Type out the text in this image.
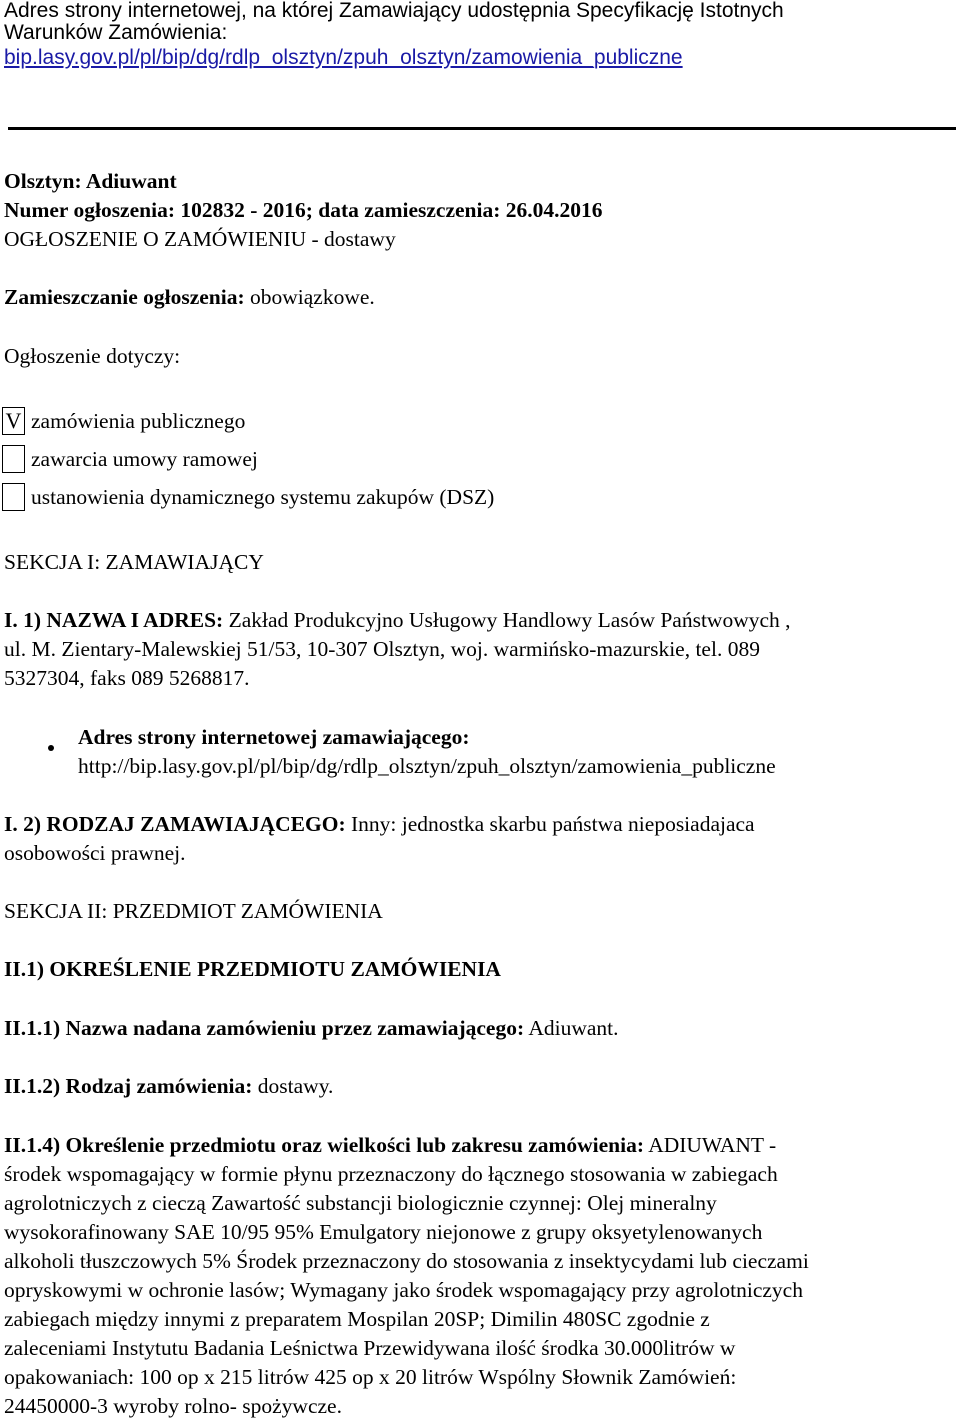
Adres strony internetowej, na której Zamawiający udostępnia Specyfikację Istotnych
Warunków Zamówienia:
bip.lasy.gov.pl/pl/bip/dg/rdlp_olsztyn/zpuh_olsztyn/zamowienia_publiczne
Olsztyn: Adiuwant
Numer ogłoszenia: 102832 - 2016; data zamieszczenia: 26.04.2016
OGŁOSZENIE O ZAMÓWIENIU - dostawy
Zamieszczanie ogłoszenia: obowiązkowe.
Ogłoszenie dotyczy:
V zamówienia publicznego
zawarcia umowy ramowej
ustanowienia dynamicznego systemu zakupów (DSZ)
SEKCJA I: ZAMAWIAJĄCY
I. 1) NAZWA I ADRES: Zakład Produkcyjno Usługowy Handlowy Lasów Państwowych ,
ul. M. Zientary-Malewskiej 51/53, 10-307 Olsztyn, woj. warmińsko-mazurskie, tel. 089
5327304, faks 089 5268817.
Adres strony internetowej zamawiającego:
http://bip.lasy.gov.pl/pl/bip/dg/rdlp_olsztyn/zpuh_olsztyn/zamowienia_publiczne
I. 2) RODZAJ ZAMAWIAJĄCEGO: Inny: jednostka skarbu państwa nieposiadajaca
osobowości prawnej.
SEKCJA II: PRZEDMIOT ZAMÓWIENIA
II.1) OKREŚLENIE PRZEDMIOTU ZAMÓWIENIA
II.1.1) Nazwa nadana zamówieniu przez zamawiającego: Adiuwant.
II.1.2) Rodzaj zamówienia: dostawy.
II.1.4) Określenie przedmiotu oraz wielkości lub zakresu zamówienia: ADIUWANT -
środek wspomagający w formie płynu przeznaczony do łącznego stosowania w zabiegach
agrolotniczych z cieczą Zawartość substancji biologicznie czynnej: Olej mineralny
wysokorafinowany SAE 10/95 95% Emulgatory niejonowe z grupy oksyetylenowanych
alkoholi tłuszczowych 5% Środek przeznaczony do stosowania z insektycydami lub cieczami
opryskowymi w ochronie lasów; Wymagany jako środek wspomagający przy agrolotniczych
zabiegach między innymi z preparatem Mospilan 20SP; Dimilin 480SC zgodnie z
zaleceniami Instytutu Badania Leśnictwa Przewidywana ilość środka 30.000litrów w
opakowaniach: 100 op x 215 litrów 425 op x 20 litrów Wspólny Słownik Zamówień:
24450000-3 wyroby rolno- spożywcze.
